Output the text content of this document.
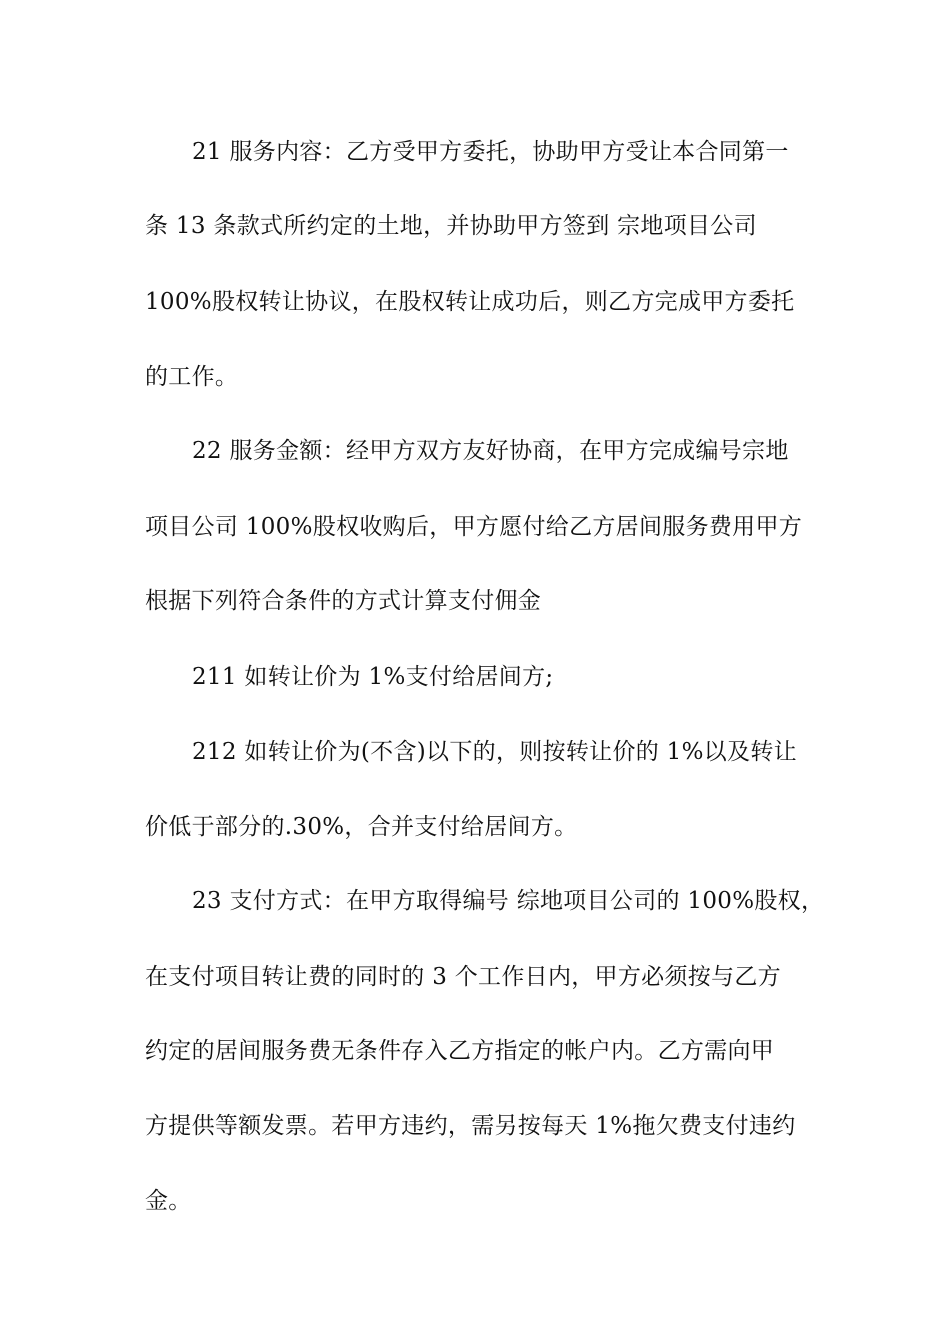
21 服务内容：乙方受甲方委托，协助甲方受让本合同第一
条 13 条款式所约定的土地，并协助甲方签到 宗地项目公司
100%股权转让协议，在股权转让成功后，则乙方完成甲方委托
的工作。
22 服务金额：经甲方双方友好协商，在甲方完成编号宗地
项目公司 100%股权收购后，甲方愿付给乙方居间服务费用甲方
根据下列符合条件的方式计算支付佣金
211 如转让价为 1%支付给居间方;
212 如转让价为(不含)以下的，则按转让价的 1%以及转让
价低于部分的.30%，合并支付给居间方。
23 支付方式：在甲方取得编号 综地项目公司的 100%股权，
在支付项目转让费的同时的 3 个工作日内，甲方必须按与乙方
约定的居间服务费无条件存入乙方指定的帐户内。乙方需向甲
方提供等额发票。若甲方违约，需另按每天 1%拖欠费支付违约
金。
